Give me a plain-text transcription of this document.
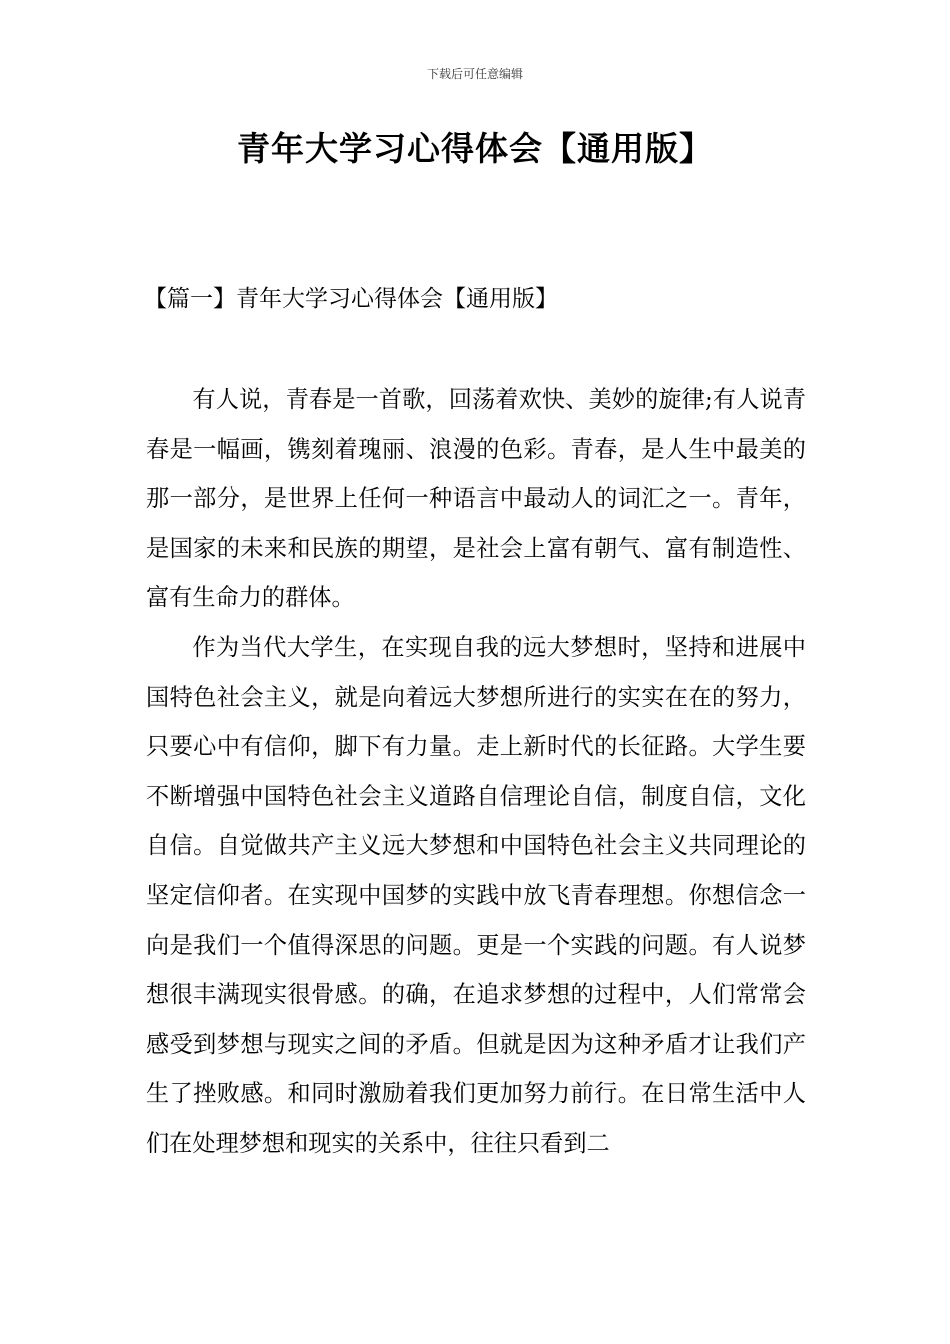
下载后可任意编辑
青年大学习心得体会【通用版】
【篇一】青年大学习心得体会【通用版】

有人说，青春是一首歌，回荡着欢快、美妙的旋律;有人说青春是一幅画，镌刻着瑰丽、浪漫的色彩。青春，是人生中最美的那一部分，是世界上任何一种语言中最动人的词汇之一。青年，是国家的未来和民族的期望，是社会上富有朝气、富有制造性、富有生命力的群体。

作为当代大学生，在实现自我的远大梦想时，坚持和进展中国特色社会主义，就是向着远大梦想所进行的实实在在的努力，只要心中有信仰，脚下有力量。走上新时代的长征路。大学生要不断增强中国特色社会主义道路自信理论自信，制度自信，文化自信。自觉做共产主义远大梦想和中国特色社会主义共同理论的坚定信仰者。在实现中国梦的实践中放飞青春理想。你想信念一向是我们一个值得深思的问题。更是一个实践的问题。有人说梦想很丰满现实很骨感。的确，在追求梦想的过程中，人们常常会感受到梦想与现实之间的矛盾。但就是因为这种矛盾才让我们产生了挫败感。和同时激励着我们更加努力前行。在日常生活中人们在处理梦想和现实的关系中，往往只看到二
